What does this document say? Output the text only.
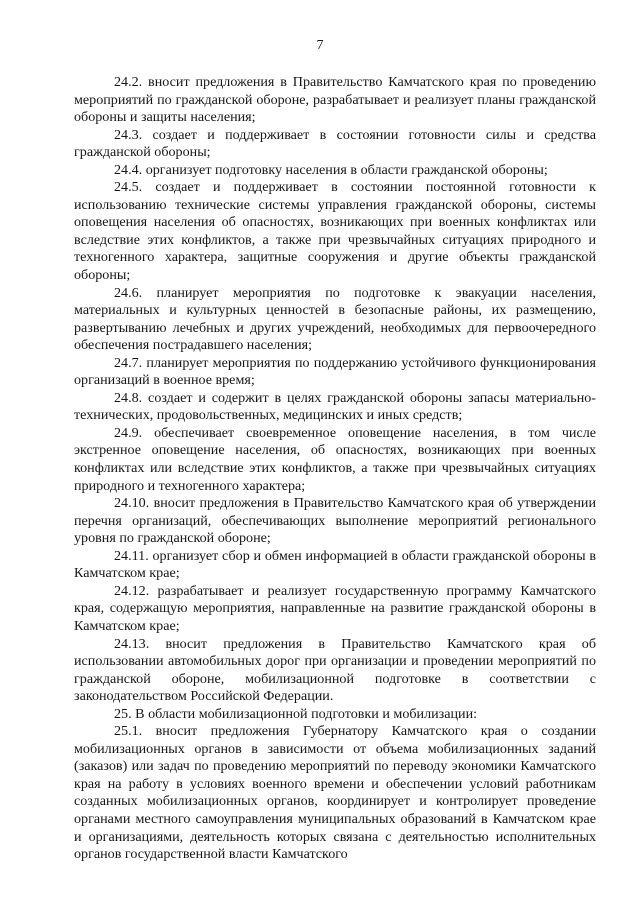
7

24.2. вносит предложения в Правительство Камчатского края по проведению мероприятий по гражданской обороне, разрабатывает и реализует планы гражданской обороны и защиты населения;

24.3. создает и поддерживает в состоянии готовности силы и средства гражданской обороны;

24.4. организует подготовку населения в области гражданской обороны;

24.5. создает и поддерживает в состоянии постоянной готовности к использованию технические системы управления гражданской обороны, системы оповещения населения об опасностях, возникающих при военных конфликтах или вследствие этих конфликтов, а также при чрезвычайных ситуациях природного и техногенного характера, защитные сооружения и другие объекты гражданской обороны;

24.6. планирует мероприятия по подготовке к эвакуации населения, материальных и культурных ценностей в безопасные районы, их размещению, развертыванию лечебных и других учреждений, необходимых для первоочередного обеспечения пострадавшего населения;

24.7. планирует мероприятия по поддержанию устойчивого функционирования организаций в военное время;

24.8. создает и содержит в целях гражданской обороны запасы материально-технических, продовольственных, медицинских и иных средств;

24.9. обеспечивает своевременное оповещение населения, в том числе экстренное оповещение населения, об опасностях, возникающих при военных конфликтах или вследствие этих конфликтов, а также при чрезвычайных ситуациях природного и техногенного характера;

24.10. вносит предложения в Правительство Камчатского края об утверждении перечня организаций, обеспечивающих выполнение мероприятий регионального уровня по гражданской обороне;

24.11. организует сбор и обмен информацией в области гражданской обороны в Камчатском крае;

24.12. разрабатывает и реализует государственную программу Камчатского края, содержащую мероприятия, направленные на развитие гражданской обороны в Камчатском крае;

24.13. вносит предложения в Правительство Камчатского края об использовании автомобильных дорог при организации и проведении мероприятий по гражданской обороне, мобилизационной подготовке в соответствии с законодательством Российской Федерации.

25. В области мобилизационной подготовки и мобилизации:

25.1. вносит предложения Губернатору Камчатского края о создании мобилизационных органов в зависимости от объема мобилизационных заданий (заказов) или задач по проведению мероприятий по переводу экономики Камчатского края на работу в условиях военного времени и обеспечении условий работникам созданных мобилизационных органов, координирует и контролирует проведение органами местного самоуправления муниципальных образований в Камчатском крае и организациями, деятельность которых связана с деятельностью исполнительных органов государственной власти Камчатского
